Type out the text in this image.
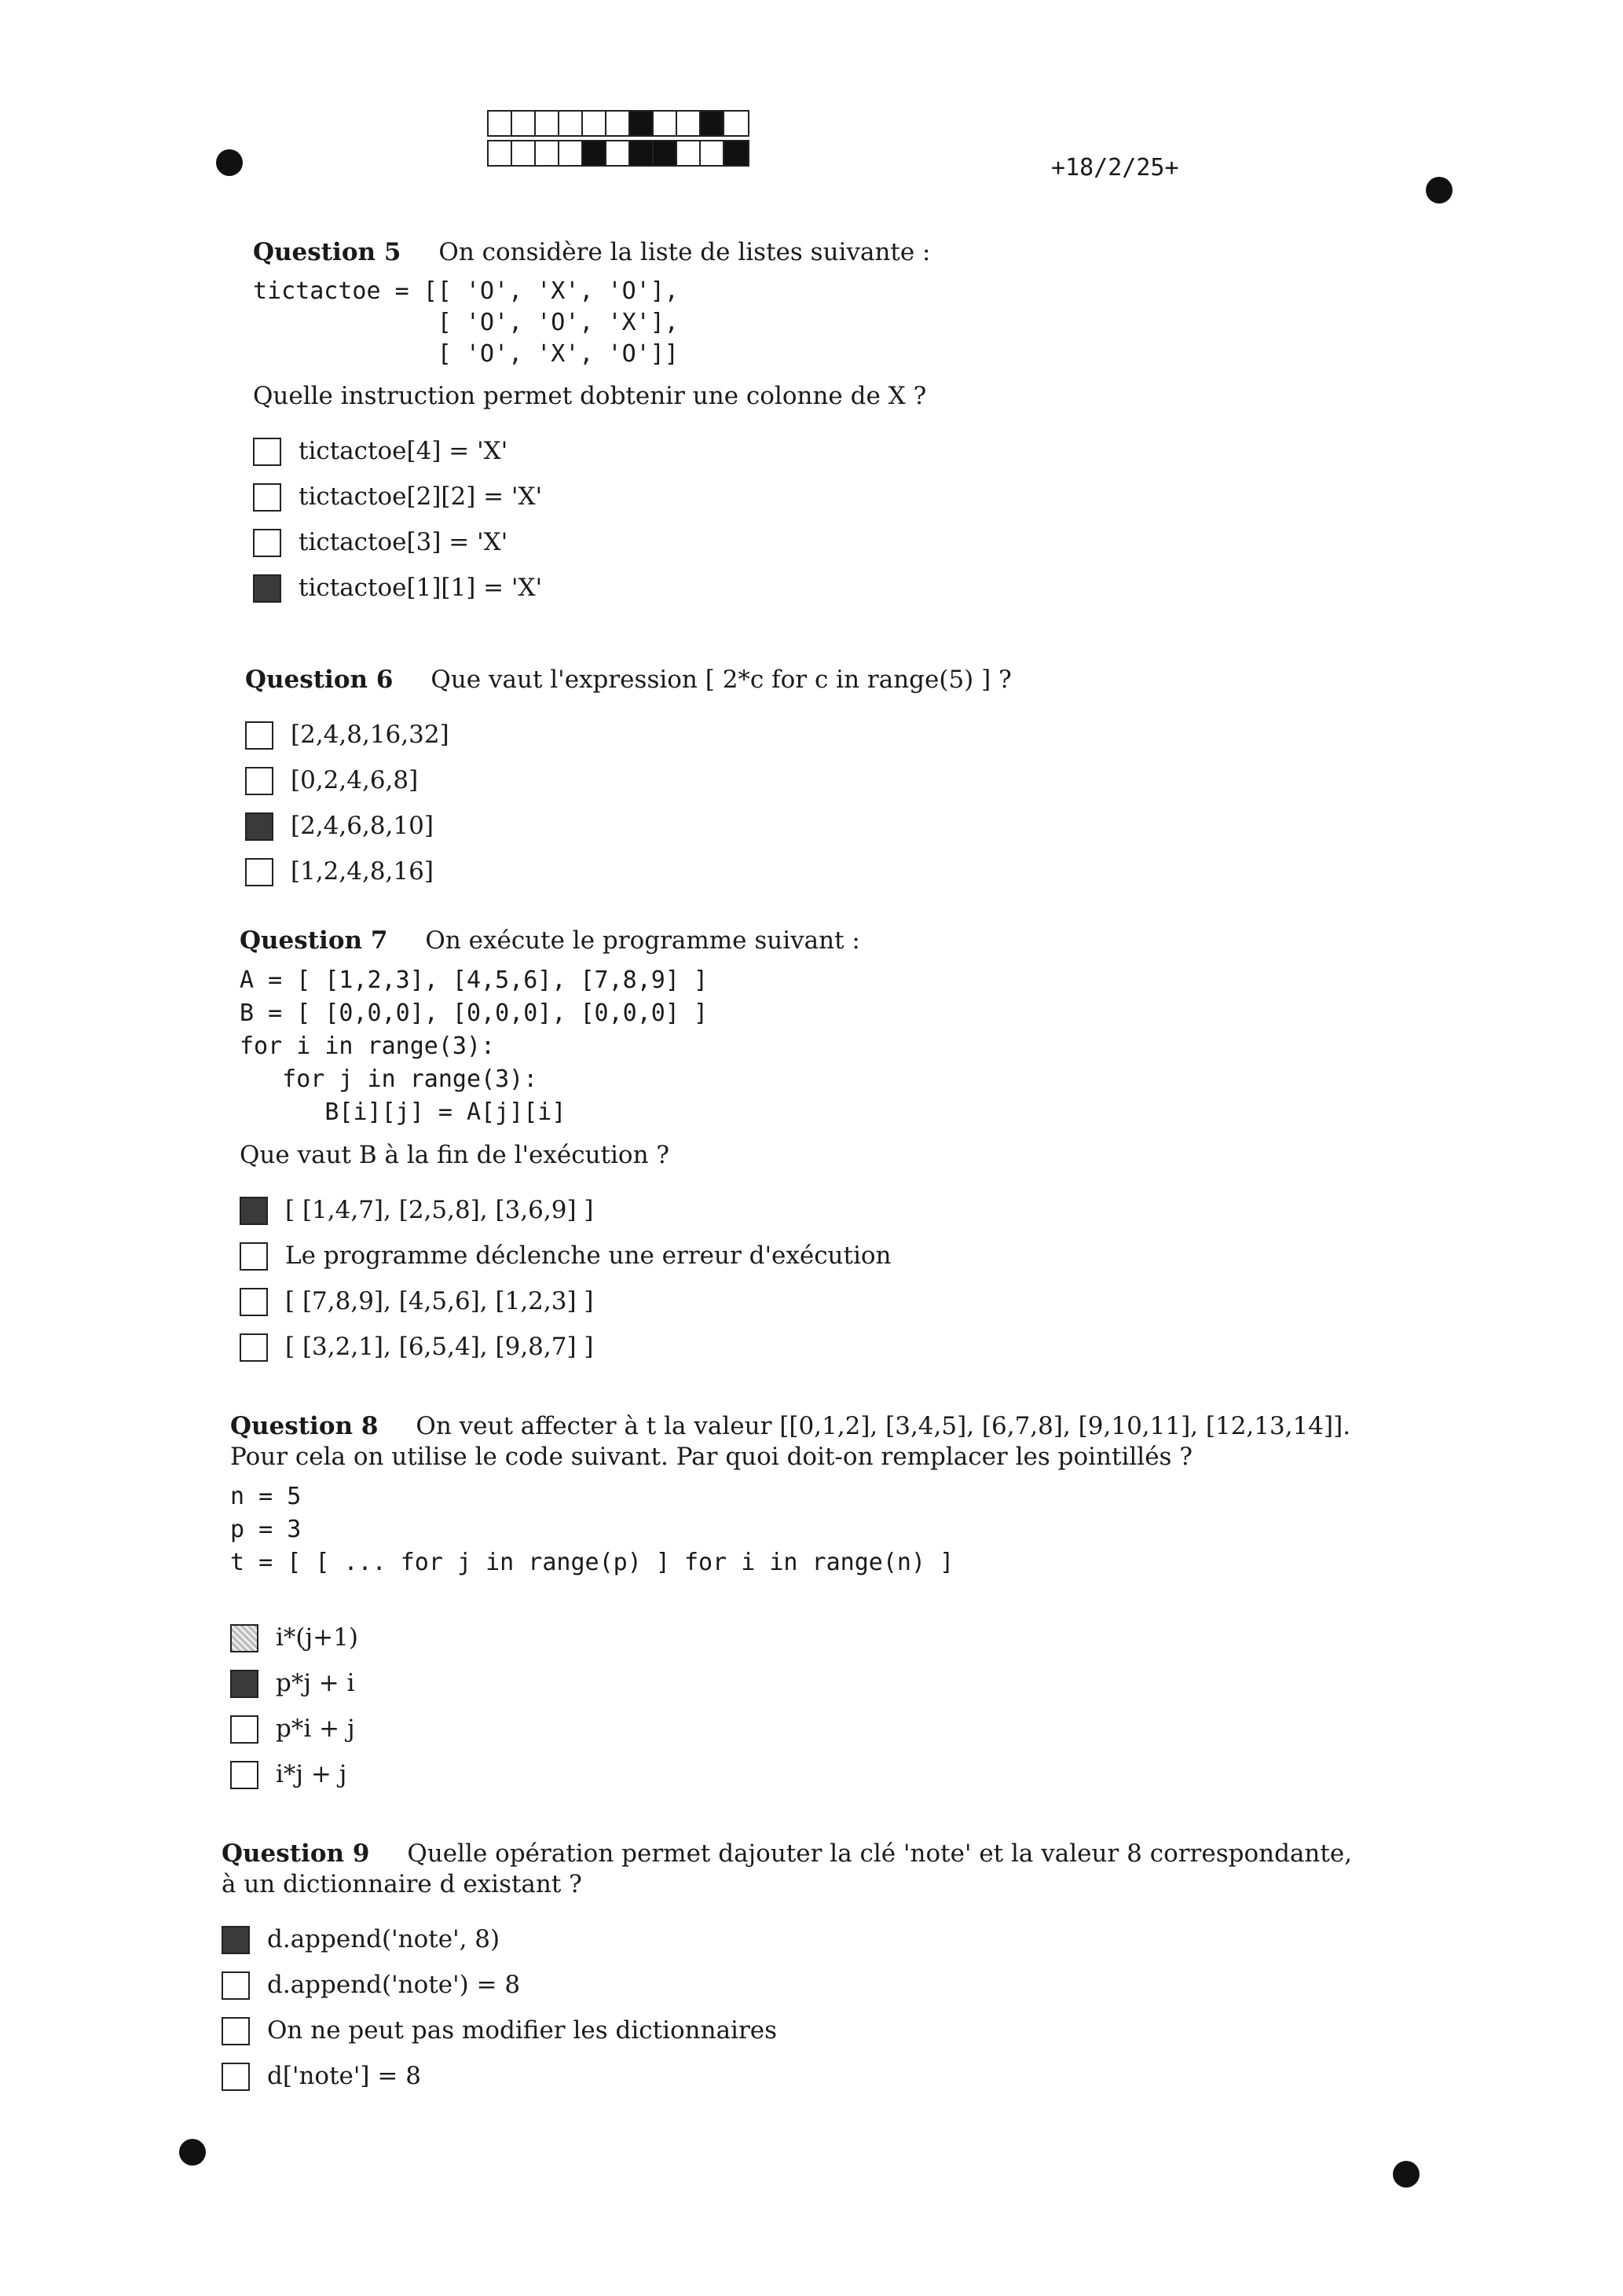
+18/2/25+
Question 5 On considère la liste de listes suivante :
tictactoe = [[ 'O', 'X', 'O'],
[ 'O', 'O', 'X'],
[ 'O', 'X', 'O']]
Quelle instruction permet dobtenir une colonne de X ?
tictactoe[4] = 'X'
tictactoe[2][2] = 'X'
tictactoe[3] = 'X'
tictactoe[1][1] = 'X'
Question 6 Que vaut l'expression [ 2*c for c in range(5) ] ?
[2,4,8,16,32]
[0,2,4,6,8]
[2,4,6,8,10]
[1,2,4,8,16]
Question 7 On exécute le programme suivant :
A = [ [1,2,3], [4,5,6], [7,8,9] ]
B = [ [0,0,0], [0,0,0], [0,0,0] ]
for i in range(3):
for j in range(3):
B[i][j] = A[j][i]
Que vaut B à la fin de l'exécution ?
[ [1,4,7], [2,5,8], [3,6,9] ]
Le programme déclenche une erreur d'exécution
[ [7,8,9], [4,5,6], [1,2,3] ]
[ [3,2,1], [6,5,4], [9,8,7] ]
Question 8 On veut affecter à t la valeur [[0,1,2], [3,4,5], [6,7,8], [9,10,11], [12,13,14]]. Pour cela on utilise le code suivant. Par quoi doit-on remplacer les pointillés ?
n = 5
p = 3
t = [ [ ... for j in range(p) ] for i in range(n) ]
i*(j+1)
p*j + i
p*i + j
i*j + j
Question 9 Quelle opération permet dajouter la clé 'note' et la valeur 8 correspondante, à un dictionnaire d existant ?
d.append('note', 8)
d.append('note') = 8
On ne peut pas modifier les dictionnaires
d['note'] = 8
